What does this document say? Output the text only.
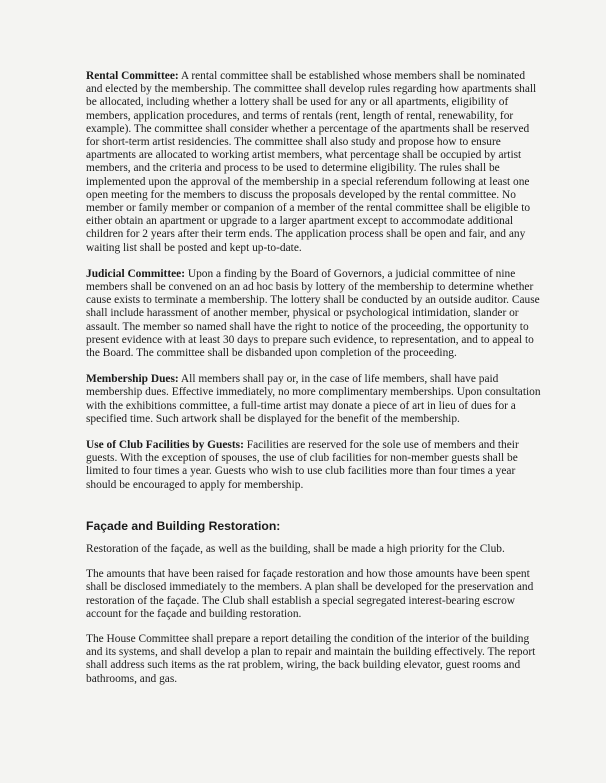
Rental Committee: A rental committee shall be established whose members shall be nominated and elected by the membership. The committee shall develop rules regarding how apartments shall be allocated, including whether a lottery shall be used for any or all apartments, eligibility of members, application procedures, and terms of rentals (rent, length of rental, renewability, for example). The committee shall consider whether a percentage of the apartments shall be reserved for short-term artist residencies. The committee shall also study and propose how to ensure apartments are allocated to working artist members, what percentage shall be occupied by artist members, and the criteria and process to be used to determine eligibility. The rules shall be implemented upon the approval of the membership in a special referendum following at least one open meeting for the members to discuss the proposals developed by the rental committee. No member or family member or companion of a member of the rental committee shall be eligible to either obtain an apartment or upgrade to a larger apartment except to accommodate additional children for 2 years after their term ends. The application process shall be open and fair, and any waiting list shall be posted and kept up-to-date.

Judicial Committee: Upon a finding by the Board of Governors, a judicial committee of nine members shall be convened on an ad hoc basis by lottery of the membership to determine whether cause exists to terminate a membership. The lottery shall be conducted by an outside auditor. Cause shall include harassment of another member, physical or psychological intimidation, slander or assault. The member so named shall have the right to notice of the proceeding, the opportunity to present evidence with at least 30 days to prepare such evidence, to representation, and to appeal to the Board. The committee shall be disbanded upon completion of the proceeding.

Membership Dues: All members shall pay or, in the case of life members, shall have paid membership dues. Effective immediately, no more complimentary memberships. Upon consultation with the exhibitions committee, a full-time artist may donate a piece of art in lieu of dues for a specified time. Such artwork shall be displayed for the benefit of the membership.

Use of Club Facilities by Guests: Facilities are reserved for the sole use of members and their guests. With the exception of spouses, the use of club facilities for non-member guests shall be limited to four times a year. Guests who wish to use club facilities more than four times a year should be encouraged to apply for membership.

Façade and Building Restoration:

Restoration of the façade, as well as the building, shall be made a high priority for the Club.

The amounts that have been raised for façade restoration and how those amounts have been spent shall be disclosed immediately to the members. A plan shall be developed for the preservation and restoration of the façade. The Club shall establish a special segregated interest-bearing escrow account for the façade and building restoration.

The House Committee shall prepare a report detailing the condition of the interior of the building and its systems, and shall develop a plan to repair and maintain the building effectively. The report shall address such items as the rat problem, wiring, the back building elevator, guest rooms and bathrooms, and gas.
